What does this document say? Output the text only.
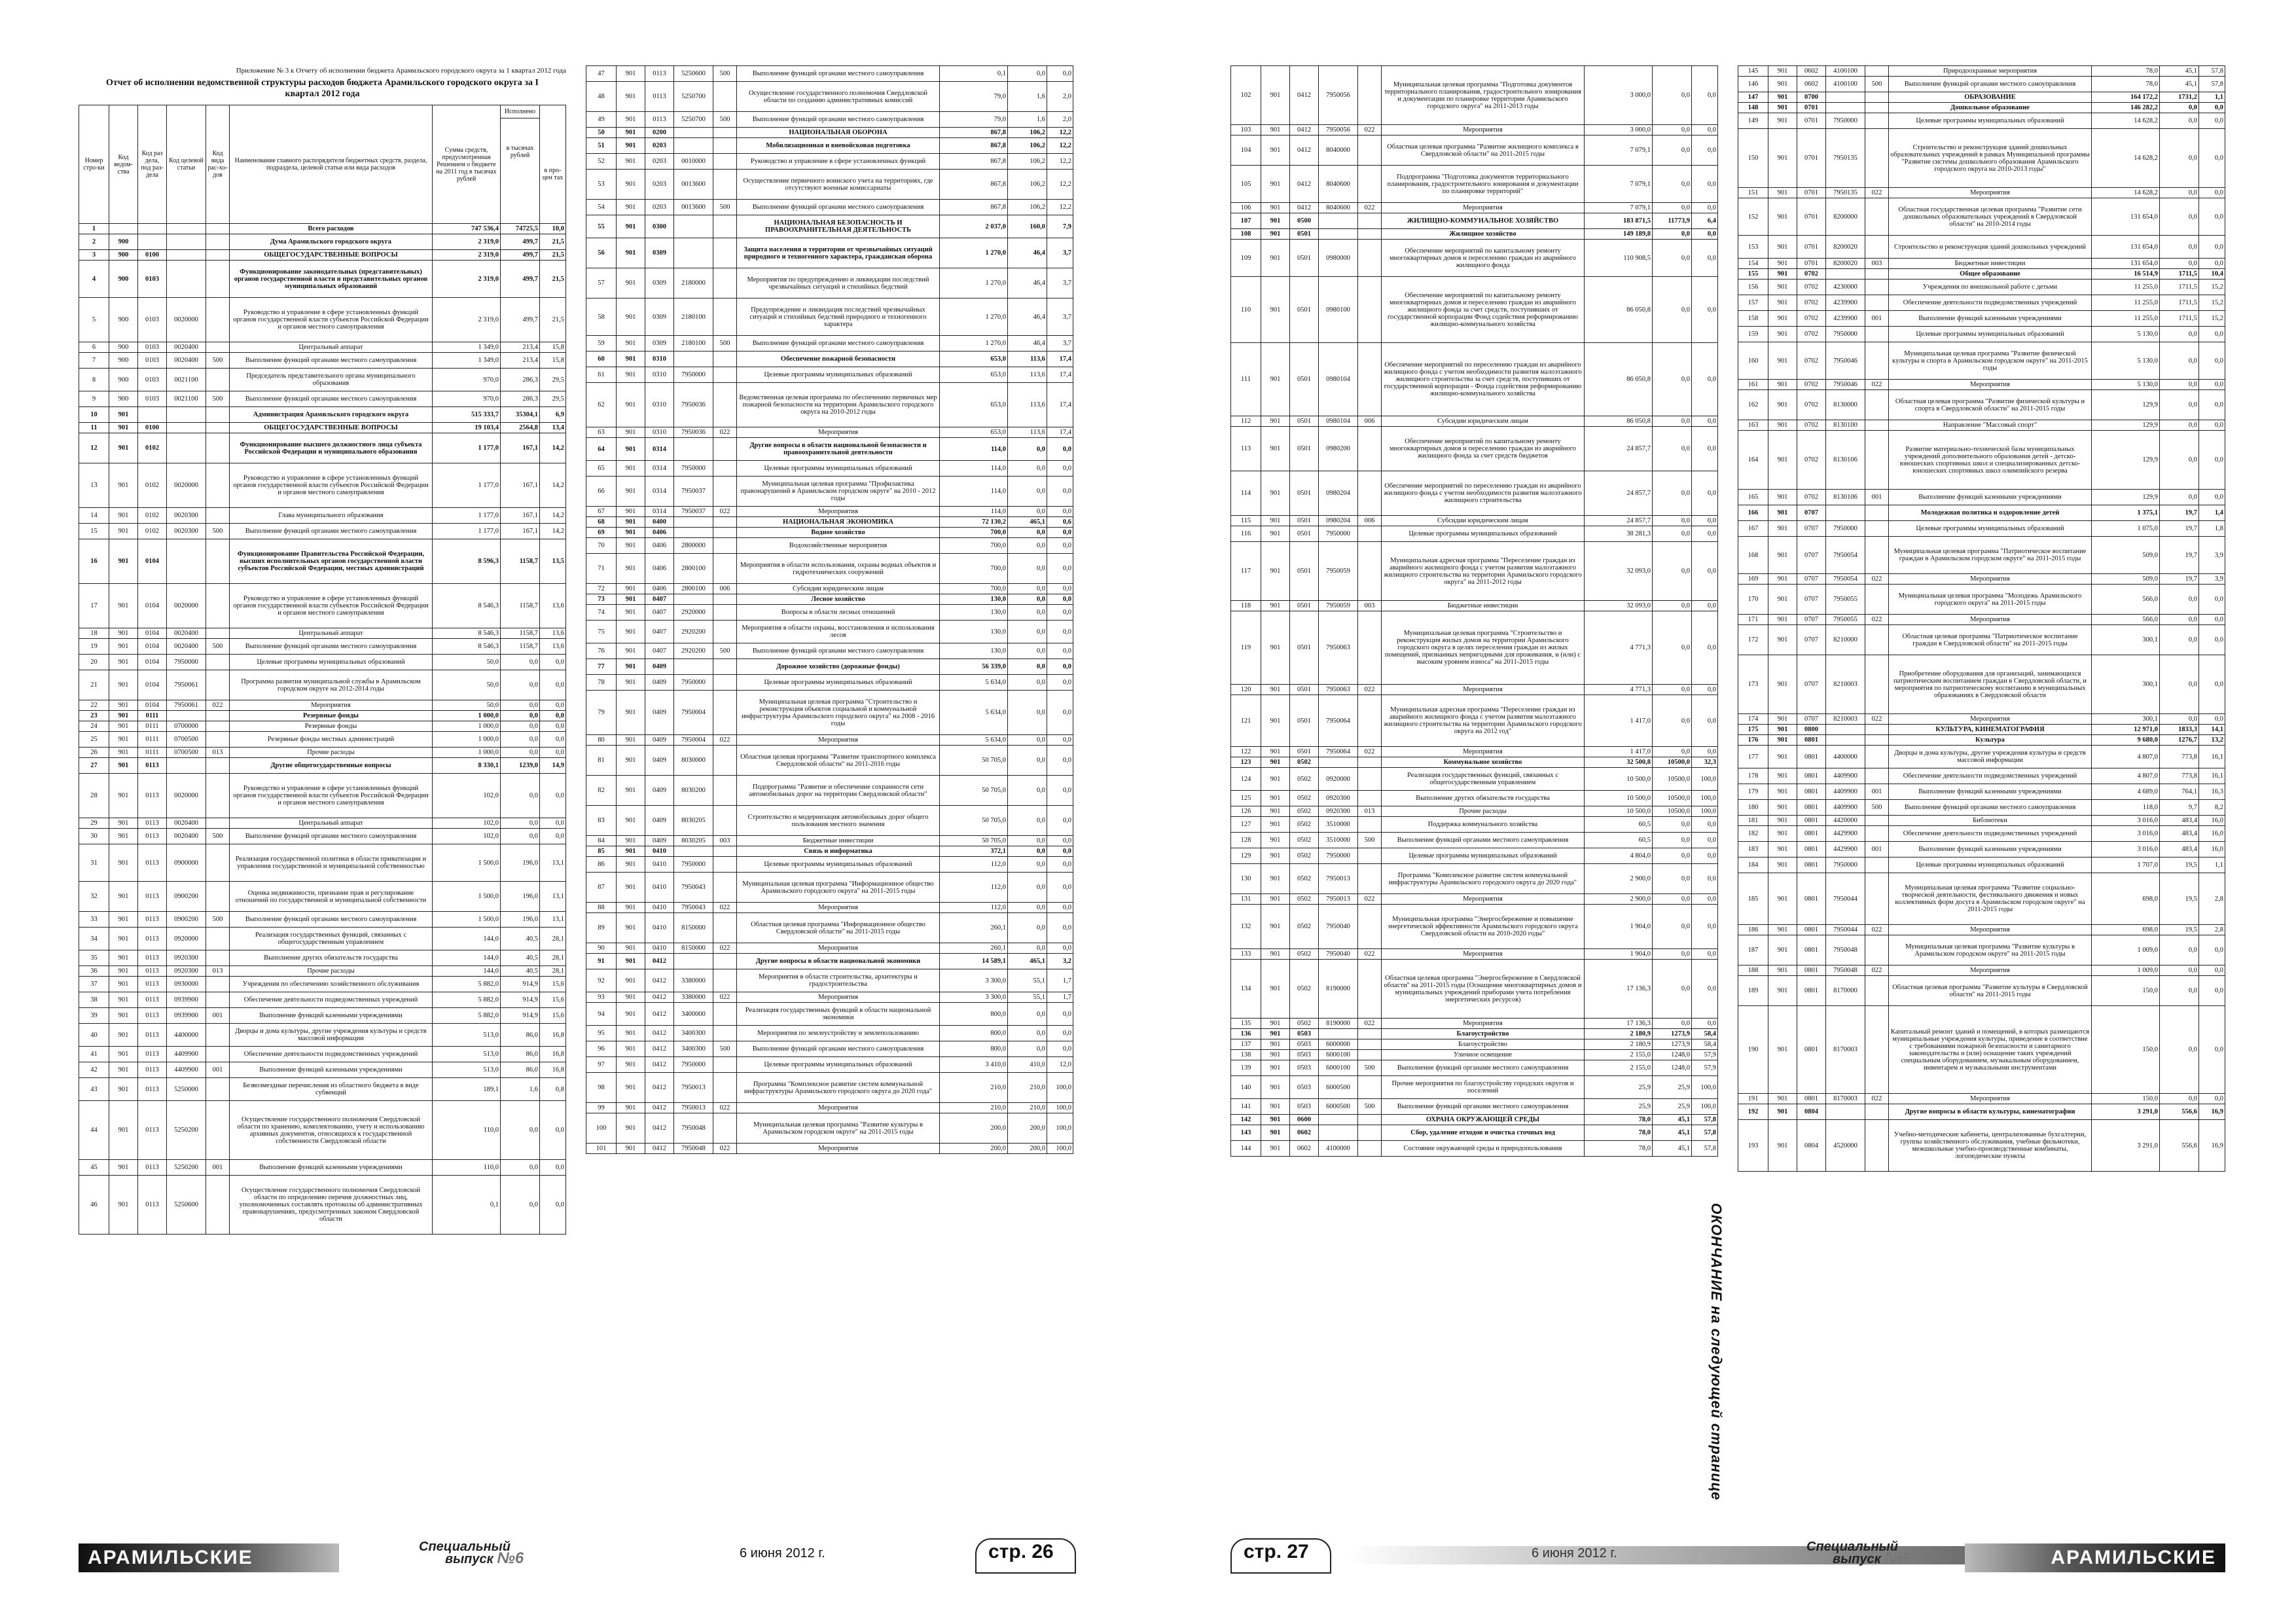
Приложение № 3 к Отчету об исполнении бюджета Арамильского городского округа за 1 квартал 2012 года
Отчет об исполнении ведомственной структуры расходов бюджета Арамильского городского округа за I квартал 2012 года
Номер стро-ки	Код ведом-ства	Код раз дела, под раз-дела	Код целевой статьи	Код вида рас-хо-дов	Наименование главного распорядителя бюджетных средств, раздела, подраздела, целевой статьи или вида расходов	Сумма средств, предусмотренная Решением о бюджете на 2011 год в тысячах рублей	Исполнено
в тысячах рублей	в про-цен тах
1					Всего расходов	747 536,4	74725,5	10,0
2	900				Дума Арамильского городского округа	2 319,0	499,7	21,5
3	900	0100			ОБЩЕГОСУДАРСТВЕННЫЕ ВОПРОСЫ	2 319,0	499,7	21,5
4	900	0103			Функционирование законодательных (представительных) органов государственной власти и представительных органов муниципальных образований	2 319,0	499,7	21,5
5	900	0103	0020000		Руководство и управление в сфере установленных функций органов государственной власти субъектов Российской Федерации и органов местного самоуправления	2 319,0	499,7	21,5
6	900	0103	0020400		Центральный аппарат	1 349,0	213,4	15,8
7	900	0103	0020400	500	Выполнение функций органами местного самоуправления	1 349,0	213,4	15,8
8	900	0103	0021100		Председатель представительного органа муниципального образования	970,0	286,3	29,5
9	900	0103	0021100	500	Выполнение функций органами местного самоуправления	970,0	286,3	29,5
10	901				Администрация Арамильского городского округа	515 333,7	35304,1	6,9
11	901	0100			ОБЩЕГОСУДАРСТВЕННЫЕ ВОПРОСЫ	19 103,4	2564,8	13,4
12	901	0102			Функционирование высшего должностного лица субъекта Российской Федерации и муниципального образования	1 177,0	167,1	14,2
13	901	0102	0020000		Руководство и управление в сфере установленных функций органов государственной власти субъектов Российской Федерации и органов местного самоуправления	1 177,0	167,1	14,2
14	901	0102	0020300		Глава муниципального образования	1 177,0	167,1	14,2
15	901	0102	0020300	500	Выполнение функций органами местного самоуправления	1 177,0	167,1	14,2
16	901	0104			Функционирование Правительства Российской Федерации, высших исполнительных органов государственной власти субъектов Российской Федерации, местных администраций	8 596,3	1158,7	13,5
17	901	0104	0020000		Руководство и управление в сфере установленных функций органов государственной власти субъектов Российской Федерации и органов местного самоуправления	8 546,3	1158,7	13,6
18	901	0104	0020400		Центральный аппарат	8 546,3	1158,7	13,6
19	901	0104	0020400	500	Выполнение функций органами местного самоуправления	8 546,3	1158,7	13,6
20	901	0104	7950000		Целевые программы муниципальных образований	50,0	0,0	0,0
21	901	0104	7950061		Программа развития муниципальной службы в Арамильском городском округе на 2012-2014 годы	50,0	0,0	0,0
22	901	0104	7950061	022	Мероприятия	50,0	0,0	0,0
23	901	0111			Резервные фонды	1 000,0	0,0	0,0
24	901	0111	0700000		Резервные фонды	1 000,0	0,0	0,0
25	901	0111	0700500		Резервные фонды местных администраций	1 000,0	0,0	0,0
26	901	0111	0700500	013	Прочие расходы	1 000,0	0,0	0,0
27	901	0113			Другие общегосударственные вопросы	8 330,1	1239,0	14,9
28	901	0113	0020000		Руководство и управление в сфере установленных функций органов государственной власти субъектов Российской Федерации и органов местного самоуправления	102,0	0,0	0,0
29	901	0113	0020400		Центральный аппарат	102,0	0,0	0,0
30	901	0113	0020400	500	Выполнение функций органами местного самоуправления	102,0	0,0	0,0
31	901	0113	0900000		Реализация государственной политики в области приватизации и управления государственной и муниципальной собственностью	1 500,0	196,0	13,1
32	901	0113	0900200		Оценка недвижимости, признание прав и регулирование отношений по государственной и муниципальной собственности	1 500,0	196,0	13,1
33	901	0113	0900200	500	Выполнение функций органами местного самоуправления	1 500,0	196,0	13,1
34	901	0113	0920000		Реализация государственных функций, связанных с общегосударственным управлением	144,0	40,5	28,1
35	901	0113	0920300		Выполнение других обязательств государства	144,0	40,5	28,1
36	901	0113	0920300	013	Прочие расходы	144,0	40,5	28,1
37	901	0113	0930000		Учреждения по обеспечению хозяйственного обслуживания	5 882,0	914,9	15,6
38	901	0113	0939900		Обеспечение деятельности подведомственных учреждений	5 882,0	914,9	15,6
39	901	0113	0939900	001	Выполнение функций казенными учреждениями	5 882,0	914,9	15,6
40	901	0113	4400000		Дворцы и дома культуры, другие учреждения культуры и средств массовой информации	513,0	86,0	16,8
41	901	0113	4409900		Обеспечение деятельности подведомственных учреждений	513,0	86,0	16,8
42	901	0113	4409900	001	Выполнение функций казенными учреждениями	513,0	86,0	16,8
43	901	0113	5250000		Безвозмездные перечисления из областного бюджета в виде субвенций	189,1	1,6	0,8
44	901	0113	5250200		Осуществление государственного полномочия Свердловской области по хранению, комплектованию, учету и использованию архивных документов, относящихся к государственной собственности Свердловской области	110,0	0,0	0,0
45	901	0113	5250200	001	Выполнение функций казенными учреждениями	110,0	0,0	0,0
46	901	0113	5250600		Осуществление государственного полномочия Свердловской области по определению перечня должностных лиц, уполномоченных составлять протоколы об административных правонарушениях, предусмотренных законом Свердловской области	0,1	0,0	0,0
47	901	0113	5250600	500	Выполнение функций органами местного самоуправления	0,1	0,0	0,0
48	901	0113	5250700		Осуществление государственного полномочия Свердловской области по созданию административных комиссий	79,0	1,6	2,0
49	901	0113	5250700	500	Выполнение функций органами местного самоуправления	79,0	1,6	2,0
50	901	0200			НАЦИОНАЛЬНАЯ ОБОРОНА	867,8	106,2	12,2
51	901	0203			Мобилизационная и вневойсковая подготовка	867,8	106,2	12,2
52	901	0203	0010000		Руководство и управление в сфере установленных функций	867,8	106,2	12,2
53	901	0203	0013600		Осуществление первичного воинского учета на территориях, где отсутствуют военные комиссариаты	867,8	106,2	12,2
54	901	0203	0013600	500	Выполнение функций органами местного самоуправления	867,8	106,2	12,2
55	901	0300			НАЦИОНАЛЬНАЯ БЕЗОПАСНОСТЬ И ПРАВООХРАНИТЕЛЬНАЯ ДЕЯТЕЛЬНОСТЬ	2 037,0	160,0	7,9
56	901	0309			Защита населения и территории от чрезвычайных ситуаций природного и техногенного характера, гражданская оборона	1 270,0	46,4	3,7
57	901	0309	2180000		Мероприятия по предупреждению и ликвидации последствий чрезвычайных ситуаций и стихийных бедствий	1 270,0	46,4	3,7
58	901	0309	2180100		Предупреждение и ликвидация последствий чрезвычайных ситуаций и стихийных бедствий природного и техногенного характера	1 270,0	46,4	3,7
59	901	0309	2180100	500	Выполнение функций органами местного самоуправления	1 270,0	46,4	3,7
60	901	0310			Обеспечение пожарной безопасности	653,0	113,6	17,4
61	901	0310	7950000		Целевые программы муниципальных образований	653,0	113,6	17,4
62	901	0310	7950036		Ведомственная целевая программа по обеспечению первичных мер пожарной безопасности на территории Арамильского городского округа на 2010-2012 годы	653,0	113,6	17,4
63	901	0310	7950036	022	Мероприятия	653,0	113,6	17,4
64	901	0314			Другие вопросы в области национальной безопасности и правоохранительной деятельности	114,0	0,0	0,0
65	901	0314	7950000		Целевые программы муниципальных образований	114,0	0,0	0,0
66	901	0314	7950037		Муниципальная целевая программа "Профилактика правонарушений в Арамильском городском округе" на 2010 - 2012 годы	114,0	0,0	0,0
67	901	0314	7950037	022	Мероприятия	114,0	0,0	0,0
68	901	0400			НАЦИОНАЛЬНАЯ ЭКОНОМИКА	72 130,2	465,1	0,6
69	901	0406			Водное хозяйство	700,0	0,0	0,0
70	901	0406	2800000		Водохозяйственные мероприятия	700,0	0,0	0,0
71	901	0406	2800100		Мероприятия в области использования, охраны водных объектов и гидротехнических сооружений	700,0	0,0	0,0
72	901	0406	2800100	006	Субсидии юридическим лицам	700,0	0,0	0,0
73	901	0407			Лесное хозяйство	130,0	0,0	0,0
74	901	0407	2920000		Вопросы в области лесных отношений	130,0	0,0	0,0
75	901	0407	2920200		Мероприятия в области охраны, восстановления и использования лесов	130,0	0,0	0,0
76	901	0407	2920200	500	Выполнение функций органами местного самоуправления	130,0	0,0	0,0
77	901	0409			Дорожное хозяйство (дорожные фонды)	56 339,0	0,0	0,0
78	901	0409	7950000		Целевые программы муниципальных образований	5 634,0	0,0	0,0
79	901	0409	7950004		Муниципальная целевая программа "Строительство и реконструкция объектов социальной и коммунальной инфраструктуры Арамильского городского округа" на 2008 - 2016 годы	5 634,0	0,0	0,0
80	901	0409	7950004	022	Мероприятия	5 634,0	0,0	0,0
81	901	0409	8030000		Областная целевая программа "Развитие транспортного комплекса Свердловской области" на 2011-2016 годы	50 705,0	0,0	0,0
82	901	0409	8030200		Подпрограмма "Развитие и обеспечение сохранности сети автомобильных дорог на территории Свердловской области"	50 705,0	0,0	0,0
83	901	0409	8030205		Строительство и модернизация автомобильных дорог общего пользования местного значения	50 705,0	0,0	0,0
84	901	0409	8030205	003	Бюджетные инвестиции	50 705,0	0,0	0,0
85	901	0410			Связь и информатика	372,1	0,0	0,0
86	901	0410	7950000		Целевые программы муниципальных образований	112,0	0,0	0,0
87	901	0410	7950043		Муниципальная целевая программа "Информационное общество Арамильского городского округа" на 2011-2015 годы	112,0	0,0	0,0
88	901	0410	7950043	022	Мероприятия	112,0	0,0	0,0
89	901	0410	8150000		Областная целевая программа "Информационное общество Свердловской области" на 2011-2015 годы	260,1	0,0	0,0
90	901	0410	8150000	022	Мероприятия	260,1	0,0	0,0
91	901	0412			Другие вопросы в области национальной экономики	14 589,1	465,1	3,2
92	901	0412	3380000		Мероприятия в области строительства, архитектуры и градостроительства	3 300,0	55,1	1,7
93	901	0412	3380000	022	Мероприятия	3 300,0	55,1	1,7
94	901	0412	3400000		Реализация государственных функций в области национальной экономики	800,0	0,0	0,0
95	901	0412	3400300		Мероприятия по землеустройству и землепользованию	800,0	0,0	0,0
96	901	0412	3400300	500	Выполнение функций органами местного самоуправления	800,0	0,0	0,0
97	901	0412	7950000		Целевые программы муниципальных образований	3 410,0	410,0	12,0
98	901	0412	7950013		Программа "Комплексное развитие систем коммунальной инфраструктуры Арамильского городского округа до 2020 года"	210,0	210,0	100,0
99	901	0412	7950013	022	Мероприятия	210,0	210,0	100,0
100	901	0412	7950048		Муниципальная целевая программа "Развитие культуры в Арамильском городском округе" на 2011-2015 годы	200,0	200,0	100,0
101	901	0412	7950048	022	Мероприятия	200,0	200,0	100,0
102	901	0412	7950056		Муниципальная целевая программа "Подготовка документов территориального планирования, градостроительного зонирования и документации по планировке территории Арамильского городского округа" на 2011-2013 годы	3 000,0	0,0	0,0
103	901	0412	7950056	022	Мероприятия	3 000,0	0,0	0,0
104	901	0412	8040000		Областная целевая программа "Развитие жилищного комплекса в Свердловской области" на 2011-2015 годы	7 079,1	0,0	0,0
105	901	0412	8040600		Подпрограмма "Подготовка документов территориального планирования, градостроительного зонирования и документации по планировке территорий"	7 079,1	0,0	0,0
106	901	0412	8040600	022	Мероприятия	7 079,1	0,0	0,0
107	901	0500			ЖИЛИЩНО-КОММУНАЛЬНОЕ ХОЗЯЙСТВО	183 871,5	11773,9	6,4
108	901	0501			Жилищное хозяйство	149 189,8	0,0	0,0
109	901	0501	0980000		Обеспечение мероприятий по капитальному ремонту многоквартирных домов и переселению граждан из аварийного жилищного фонда	110 908,5	0,0	0,0
110	901	0501	0980100		Обеспечение мероприятий по капитальному ремонту многоквартирных домов и переселению граждан из аварийного жилищного фонда за счет средств, поступивших от государственной корпорации Фонд содействия реформированию жилищно-коммунального хозяйства	86 050,8	0,0	0,0
111	901	0501	0980104		Обеспечение мероприятий по переселению граждан из аварийного жилищного фонда с учетом необходимости развития малоэтажного жилищного строительства за счет средств, поступивших от государственной корпорации - Фонда содействия реформированию жилищно-коммунального хозяйства	86 050,8	0,0	0,0
112	901	0501	0980104	006	Субсидии юридическим лицам	86 050,8	0,0	0,0
113	901	0501	0980200		Обеспечение мероприятий по капитальному ремонту многоквартирных домов и переселению граждан из аварийного жилищного фонда за счет средств бюджетов	24 857,7	0,0	0,0
114	901	0501	0980204		Обеспечение мероприятий по переселению граждан из аварийного жилищного фонда с учетом необходимости развития малоэтажного жилищного строительства	24 857,7	0,0	0,0
115	901	0501	0980204	006	Субсидии юридическим лицам	24 857,7	0,0	0,0
116	901	0501	7950000		Целевые программы муниципальных образований	38 281,3	0,0	0,0
117	901	0501	7950059		Муниципальная адресная программа "Переселение граждан из аварийного жилищного фонда с учетом развития малоэтажного жилищного строительства на территории Арамильского городского округа" на 2011-2012 годы	32 093,0	0,0	0,0
118	901	0501	7950059	003	Бюджетные инвестиции	32 093,0	0,0	0,0
119	901	0501	7950063		Муниципальная целевая программа "Строительство и реконструкция жилых домов на территории Арамильского городского округа в целях переселения граждан из жилых помещений, признанных непригодными для проживания, и (или) с высоким уровнем износа" на 2011-2015 годы	4 771,3	0,0	0,0
120	901	0501	7950063	022	Мероприятия	4 771,3	0,0	0,0
121	901	0501	7950064		Муниципальная адресная программа "Переселение граждан из аварийного жилищного фонда с учетом развития малоэтажного жилищного строительства на территории Арамильского городского округа на 2012 год"	1 417,0	0,0	0,0
122	901	0501	7950064	022	Мероприятия	1 417,0	0,0	0,0
123	901	0502			Коммунальное хозяйство	32 500,8	10500,0	32,3
124	901	0502	0920000		Реализация государственных функций, связанных с общегосударственным управлением	10 500,0	10500,0	100,0
125	901	0502	0920300		Выполнение других обязательств государства	10 500,0	10500,0	100,0
126	901	0502	0920300	013	Прочие расходы	10 500,0	10500,0	100,0
127	901	0502	3510000		Поддержка коммунального хозяйства	60,5	0,0	0,0
128	901	0502	3510000	500	Выполнение функций органами местного самоуправления	60,5	0,0	0,0
129	901	0502	7950000		Целевые программы муниципальных образований	4 804,0	0,0	0,0
130	901	0502	7950013		Программа "Комплексное развитие систем коммунальной инфраструктуры Арамильского городского округа до 2020 года"	2 900,0	0,0	0,0
131	901	0502	7950013	022	Мероприятия	2 900,0	0,0	0,0
132	901	0502	7950040		Муниципальная программа "Энергосбережение и повышение энергетической эффективности Арамильского городского округа Свердловской области на 2010-2020 годы"	1 904,0	0,0	0,0
133	901	0502	7950040	022	Мероприятия	1 904,0	0,0	0,0
134	901	0502	8190000		Областная целевая программа "Энергосбережение в Свердловской области" на 2011-2015 годы (Оснащение многоквартирных домов и муниципальных учреждений приборами учета потребления энергетических ресурсов)	17 136,3	0,0	0,0
135	901	0502	8190000	022	Мероприятия	17 136,3	0,0	0,0
136	901	0503			Благоустройство	2 180,9	1273,9	58,4
137	901	0503	6000000		Благоустройство	2 180,9	1273,9	58,4
138	901	0503	6000100		Уличное освещение	2 155,0	1248,0	57,9
139	901	0503	6000100	500	Выполнение функций органами местного самоуправления	2 155,0	1248,0	57,9
140	901	0503	6000500		Прочие мероприятия по благоустройству городских округов и поселений	25,9	25,9	100,0
141	901	0503	6000500	500	Выполнение функций органами местного самоуправления	25,9	25,9	100,0
142	901	0600			ОХРАНА ОКРУЖАЮЩЕЙ СРЕДЫ	78,0	45,1	57,8
143	901	0602			Сбор, удаление отходов и очистка сточных вод	78,0	45,1	57,8
144	901	0602	4100000		Состояние окружающей среды и природопользования	78,0	45,1	57,8
145	901	0602	4100100		Природоохранные мероприятия	78,0	45,1	57,8
146	901	0602	4100100	500	Выполнение функций органами местного самоуправления	78,0	45,1	57,8
147	901	0700			ОБРАЗОВАНИЕ	164 172,2	1731,2	1,1
148	901	0701			Дошкольное образование	146 282,2	0,0	0,0
149	901	0701	7950000		Целевые программы муниципальных образований	14 628,2	0,0	0,0
150	901	0701	7950135		Строительство и реконструкция зданий дошкольных образовательных учреждений в рамках Муниципальной программы "Развитие системы дошкольного образования Арамильского городского округа на 2010-2013 годы"	14 628,2	0,0	0,0
151	901	0701	7950135	022	Мероприятия	14 628,2	0,0	0,0
152	901	0701	8200000		Областная государственная целевая программа "Развитие сети дошкольных образовательных учреждений в Свердловской области" на 2010-2014 годы	131 654,0	0,0	0,0
153	901	0701	8200020		Строительство и реконструкция зданий дошкольных учреждений	131 654,0	0,0	0,0
154	901	0701	8200020	003	Бюджетные инвестиции	131 654,0	0,0	0,0
155	901	0702			Общее образование	16 514,9	1711,5	10,4
156	901	0702	4230000		Учреждения по внешкольной работе с детьми	11 255,0	1711,5	15,2
157	901	0702	4239900		Обеспечение деятельности подведомственных учреждений	11 255,0	1711,5	15,2
158	901	0702	4239900	001	Выполнение функций казенными учреждениями	11 255,0	1711,5	15,2
159	901	0702	7950000		Целевые программы муниципальных образований	5 130,0	0,0	0,0
160	901	0702	7950046		Муниципальная целевая программа "Развитие физической культуры и спорта в Арамильском городском округе" на 2011-2015 годы	5 130,0	0,0	0,0
161	901	0702	7950046	022	Мероприятия	5 130,0	0,0	0,0
162	901	0702	8130000		Областная целевая программа "Развитие физической культуры и спорта в Свердловской области" на 2011-2015 годы	129,9	0,0	0,0
163	901	0702	8130100		Направление "Массовый спорт"	129,9	0,0	0,0
164	901	0702	8130106		Развитие материально-технической базы муниципальных учреждений дополнительного образования детей - детско-юношеских спортивных школ и специализированных детско-юношеских спортивных школ олимпийского резерва	129,9	0,0	0,0
165	901	0702	8130106	001	Выполнение функций казенными учреждениями	129,9	0,0	0,0
166	901	0707			Молодежная политика и оздоровление детей	1 375,1	19,7	1,4
167	901	0707	7950000		Целевые программы муниципальных образований	1 075,0	19,7	1,8
168	901	0707	7950054		Муниципальная целевая программа "Патриотическое воспитание граждан в Арамильском городском округе" на 2011-2015 годы	509,0	19,7	3,9
169	901	0707	7950054	022	Мероприятия	509,0	19,7	3,9
170	901	0707	7950055		Муниципальная целевая программа "Молодежь Арамильского городского округа" на 2011-2015 годы	566,0	0,0	0,0
171	901	0707	7950055	022	Мероприятия	566,0	0,0	0,0
172	901	0707	8210000		Областная целевая программа "Патриотическое воспитание граждан в Свердловской области" на 2011-2015 годы	300,1	0,0	0,0
173	901	0707	8210003		Приобретение оборудования для организаций, занимающихся патриотическим воспитанием граждан в Свердловской области, и мероприятия по патриотическому воспитанию в муниципальных образованиях в Свердловской области	300,1	0,0	0,0
174	901	0707	8210003	022	Мероприятия	300,1	0,0	0,0
175	901	0800			КУЛЬТУРА, КИНЕМАТОГРАФИЯ	12 971,0	1833,3	14,1
176	901	0801			Культура	9 680,0	1276,7	13,2
177	901	0801	4400000		Дворцы и дома культуры, другие учреждения культуры и средств массовой информации	4 807,0	773,8	16,1
178	901	0801	4409900		Обеспечение деятельности подведомственных учреждений	4 807,0	773,8	16,1
179	901	0801	4409900	001	Выполнение функций казенными учреждениями	4 689,0	764,1	16,3
180	901	0801	4409900	500	Выполнение функций органами местного самоуправления	118,0	9,7	8,2
181	901	0801	4420000		Библиотеки	3 016,0	483,4	16,0
182	901	0801	4429900		Обеспечение деятельности подведомственных учреждений	3 016,0	483,4	16,0
183	901	0801	4429900	001	Выполнение функций казенными учреждениями	3 016,0	483,4	16,0
184	901	0801	7950000		Целевые программы муниципальных образований	1 707,0	19,5	1,1
185	901	0801	7950044		Муниципальная целевая программа "Развитие социально-творческой деятельности, фестивального движения и новых коллективных форм досуга в Арамильском городском округе" на 2011-2015 годы	698,0	19,5	2,8
186	901	0801	7950044	022	Мероприятия	698,0	19,5	2,8
187	901	0801	7950048		Муниципальная целевая программа "Развитие культуры в Арамильском городском округе" на 2011-2015 годы	1 009,0	0,0	0,0
188	901	0801	7950048	022	Мероприятия	1 009,0	0,0	0,0
189	901	0801	8170000		Областная целевая программа "Развитие культуры в Свердловской области" на 2011-2015 годы	150,0	0,0	0,0
190	901	0801	8170003		Капитальный ремонт зданий и помещений, в которых размещаются муниципальные учреждения культуры, приведение в соответствие с требованиями пожарной безопасности и санитарного законодательства и (или) оснащение таких учреждений специальным оборудованием, музыкальным оборудованием, инвентарем и музыкальными инструментами	150,0	0,0	0,0
191	901	0801	8170003	022	Мероприятия	150,0	0,0	0,0
192	901	0804			Другие вопросы в области культуры, кинематографии	3 291,0	556,6	16,9
193	901	0804	4520000		Учебно-методические кабинеты, централизованные бухгалтерии, группы хозяйственного обслуживания, учебные фильмотеки, межшкольные учебно-производственные комбинаты, логопедические пункты	3 291,0	556,6	16,9
ОКОНЧАНИЕ на следующей странице
АРАМИЛЬСКИЕ ВЕСТИ
Специальный
выпуск №6	6 июня 2012 г.	стр. 26	стр. 27	6 июня 2012 г.	Специальный
выпуск №6	АРАМИЛЬСКИЕ ВЕСТИ
